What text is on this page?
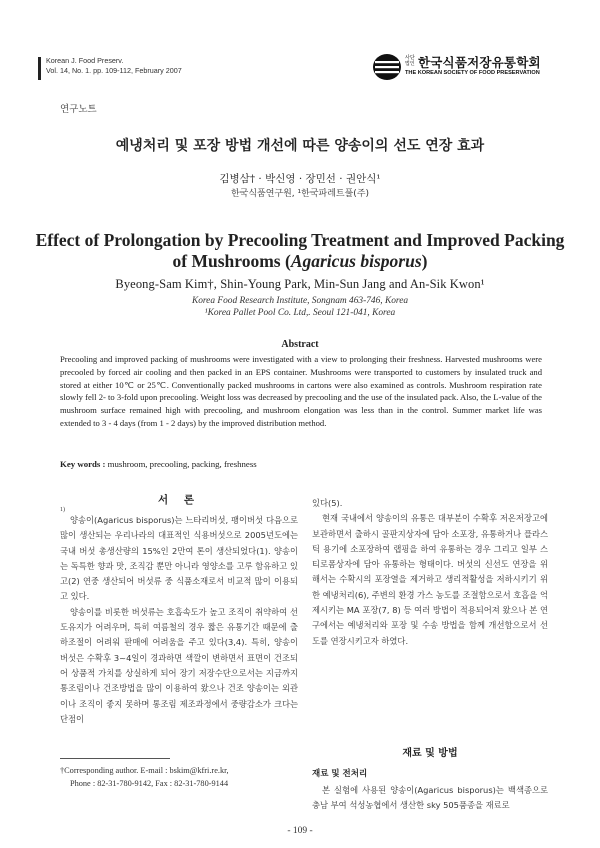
Korean J. Food Preserv.
Vol. 14, No. 1. pp. 109-112, February 2007
사단법인 한국식품저장유통학회
THE KOREAN SOCIETY OF FOOD PRESERVATION
연구노트
예냉처리 및 포장 방법 개선에 따른 양송이의 선도 연장 효과
김병삼† · 박신영 · 장민선 · 권안식¹
한국식품연구원, ¹한국파레트풀(주)
Effect of Prolongation by Precooling Treatment and Improved Packing
of Mushrooms (Agaricus bisporus)
Byeong-Sam Kim†, Shin-Young Park, Min-Sun Jang and An-Sik Kwon¹
Korea Food Research Institute, Songnam 463-746, Korea
¹Korea Pallet Pool Co. Ltd,. Seoul 121-041, Korea
Abstract
Precooling and improved packing of mushrooms were investigated with a view to prolonging their freshness. Harvested mushrooms were precooled by forced air cooling and then packed in an EPS container. Mushrooms were transported to customers by insulated truck and stored at either 10℃ or 25℃. Conventionally packed mushrooms in cartons were also examined as controls. Mushroom respiration rate slowly fell 2- to 3-fold upon precooling. Weight loss was decreased by precooling and the use of the insulated pack. Also, the L-value of the mushroom surface remained high with precooling, and mushroom elongation was less than in the control. Summer market life was extended to 3 - 4 days (from 1 - 2 days) by the improved distribution method.
Key words : mushroom, precooling, packing, freshness
서 론
1)

양송이(Agaricus bisporus)는 느타리버섯, 팽이버섯 다음으로 많이 생산되는 우리나라의 대표적인 식용버섯으로 2005년도에는 국내 버섯 총생산량의 15%인 2만여 톤이 생산되었다(1). 양송이는 독특한 향과 맛, 조직감 뿐만 아니라 영양소를 고루 함유하고 있고(2) 연중 생산되어 버섯류 중 식품소재로서 비교적 많이 이용되고 있다.

양송이를 비롯한 버섯류는 호흡속도가 높고 조직이 취약하여 선도유지가 어려우며, 특히 여름철의 경우 짧은 유통기간 때문에 출하조절이 어려워 판매에 어려움을 주고 있다(3,4). 특히, 양송이 버섯은 수확후 3~4일이 경과하면 색깔이 변하면서 표면이 건조되어 상품적 가치를 상실하게 되어 장기 저장수단으로서는 지금까지 통조림이나 건조방법을 많이 이용하여 왔으나 건조 양송이는 외관이나 조직이 좋지 못하며 통조림 제조과정에서 중량감소가 크다는 단점이

†Corresponding author. E-mail : bskim@kfri.re.kr,
Phone : 82-31-780-9142, Fax : 82-31-780-9144

있다(5).

현재 국내에서 양송이의 유통은 대부분이 수확후 저온저장고에 보관하면서 출하시 골판지상자에 담아 소포장, 유통하거나 플라스틱 용기에 소포장하여 랩핑을 하여 유통하는 경우 그리고 일부 스티로폼상자에 담아 유통하는 형태이다. 버섯의 신선도 연장을 위해서는 수확시의 포장열을 제거하고 생리적활성을 저하시키기 위한 예냉처리(6), 주변의 환경 가스 농도를 조절함으로서 호흡을 억제시키는 MA 포장(7, 8) 등 여러 방법이 적용되어져 왔으나 본 연구에서는 예냉처리와 포장 및 수송 방법을 함께 개선함으로서 선도를 연장시키고자 하였다.

재료 및 방법
재료 및 전처리

본 실험에 사용된 양송이(Agaricus bisporus)는 백색종으로 충남 부여 석성농협에서 생산한 sky 505품종을 재료로

- 109 -
